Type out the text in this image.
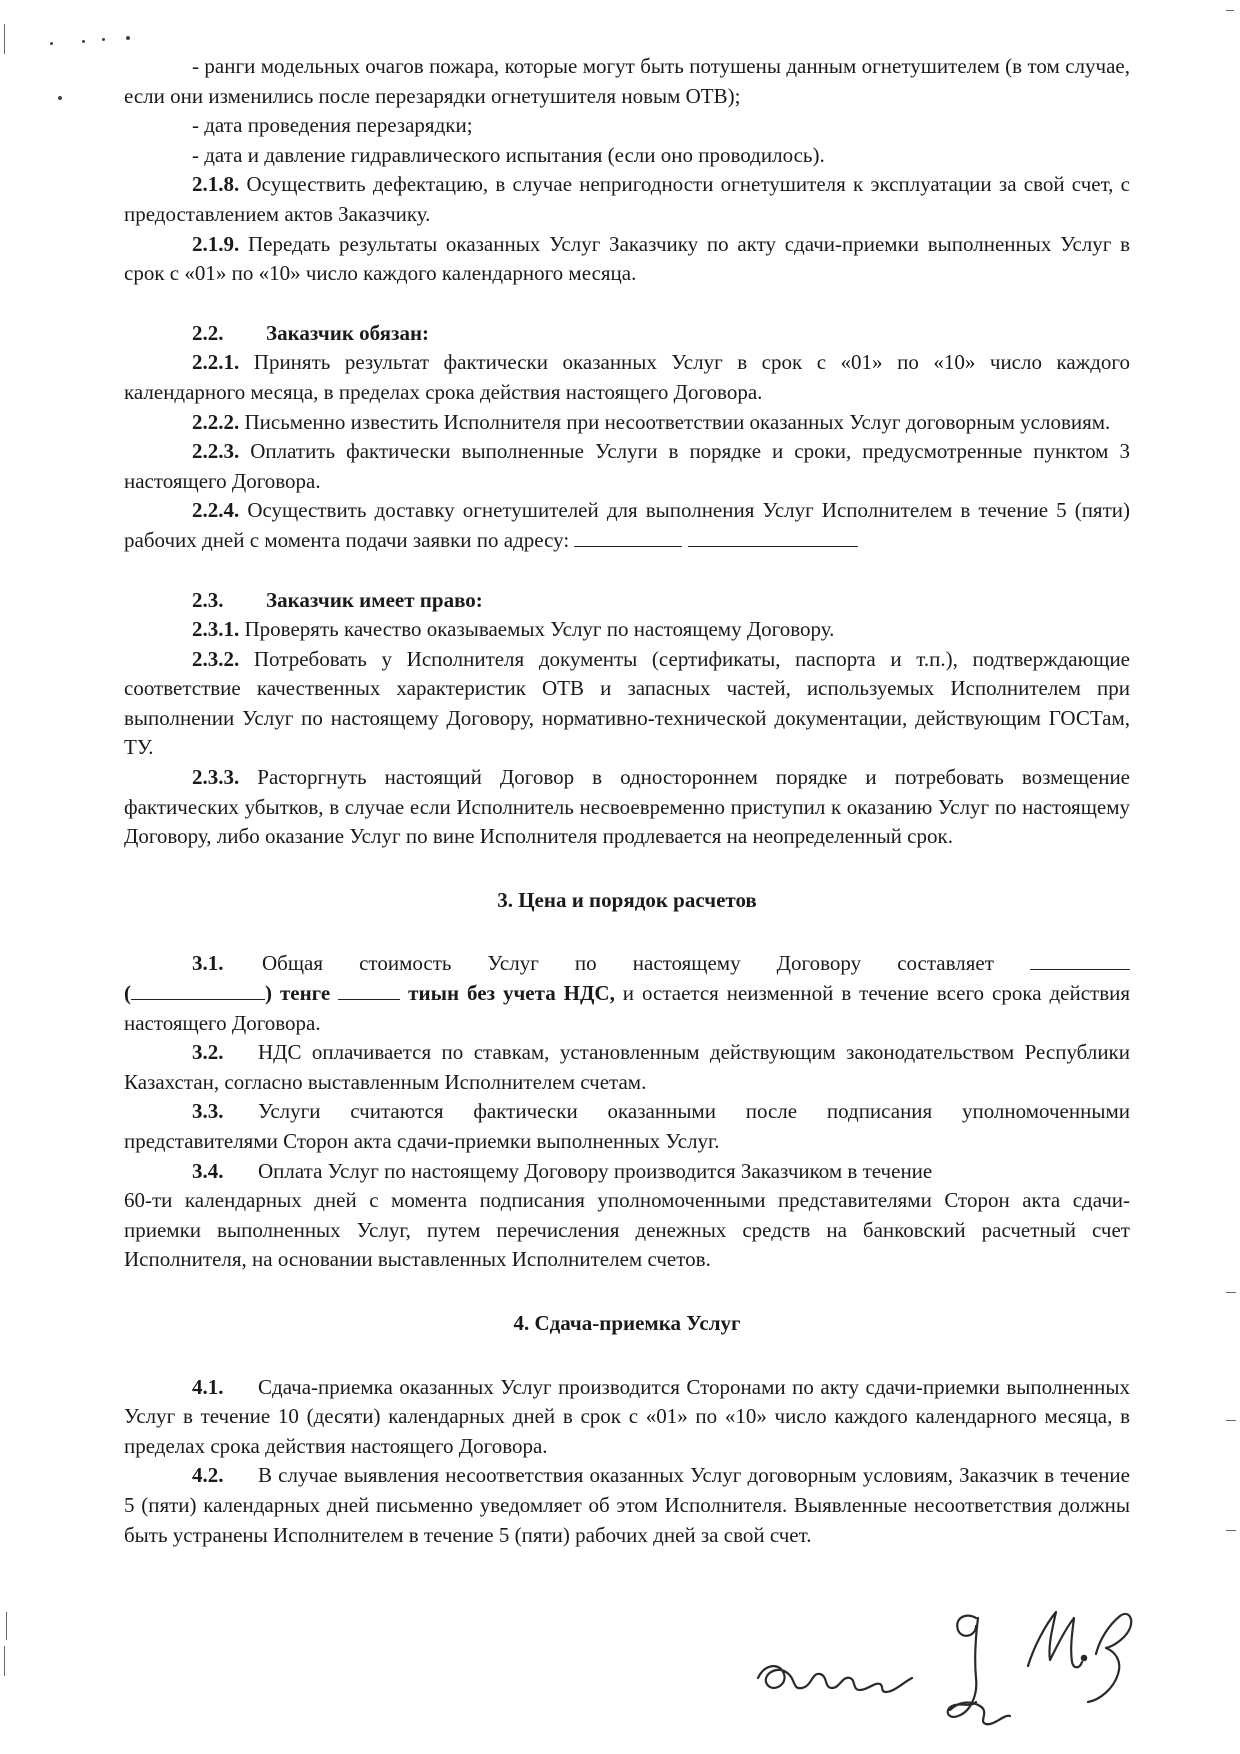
- ранги модельных очагов пожара, которые могут быть потушены данным огнетушителем (в том случае, если они изменились после перезарядки огнетушителя новым ОТВ);

- дата проведения перезарядки;

- дата и давление гидравлического испытания (если оно проводилось).

2.1.8. Осуществить дефектацию, в случае непригодности огнетушителя к эксплуатации за свой счет, с предоставлением актов Заказчику.

2.1.9. Передать результаты оказанных Услуг Заказчику по акту сдачи-приемки выполненных Услуг в срок с «01» по «10» число каждого календарного месяца.

2.2. Заказчик обязан:

2.2.1. Принять результат фактически оказанных Услуг в срок с «01» по «10» число каждого календарного месяца, в пределах срока действия настоящего Договора.

2.2.2. Письменно известить Исполнителя при несоответствии оказанных Услуг договорным условиям.

2.2.3. Оплатить фактически выполненные Услуги в порядке и сроки, предусмотренные пунктом 3 настоящего Договора.

2.2.4. Осуществить доставку огнетушителей для выполнения Услуг Исполнителем в течение 5 (пяти) рабочих дней с момента подачи заявки по адресу:

2.3. Заказчик имеет право:

2.3.1. Проверять качество оказываемых Услуг по настоящему Договору.

2.3.2. Потребовать у Исполнителя документы (сертификаты, паспорта и т.п.), подтверждающие соответствие качественных характеристик ОТВ и запасных частей, используемых Исполнителем при выполнении Услуг по настоящему Договору, нормативно-технической документации, действующим ГОСТам, ТУ.

2.3.3. Расторгнуть настоящий Договор в одностороннем порядке и потребовать возмещение фактических убытков, в случае если Исполнитель несвоевременно приступил к оказанию Услуг по настоящему Договору, либо оказание Услуг по вине Исполнителя продлевается на неопределенный срок.

3. Цена и порядок расчетов

3.1. Общая стоимость Услуг по настоящему Договору составляет

(	) тенге	тиын без учета НДС, и остается неизменной в течение всего срока действия настоящего Договора.

3.2. НДС оплачивается по ставкам, установленным действующим законодательством Республики Казахстан, согласно выставленным Исполнителем счетам.

3.3. Услуги считаются фактически оказанными после подписания уполномоченными представителями Сторон акта сдачи-приемки выполненных Услуг.

3.4. Оплата Услуг по настоящему Договору производится Заказчиком в течение

60-ти календарных дней с момента подписания уполномоченными представителями Сторон акта сдачи-приемки выполненных Услуг, путем перечисления денежных средств на банковский расчетный счет Исполнителя, на основании выставленных Исполнителем счетов.

4. Сдача-приемка Услуг

4.1. Сдача-приемка оказанных Услуг производится Сторонами по акту сдачи-приемки выполненных Услуг в течение 10 (десяти) календарных дней в срок с «01» по «10» число каждого календарного месяца, в пределах срока действия настоящего Договора.

4.2. В случае выявления несоответствия оказанных Услуг договорным условиям, Заказчик в течение 5 (пяти) календарных дней письменно уведомляет об этом Исполнителя. Выявленные несоответствия должны быть устранены Исполнителем в течение 5 (пяти) рабочих дней за свой счет.
